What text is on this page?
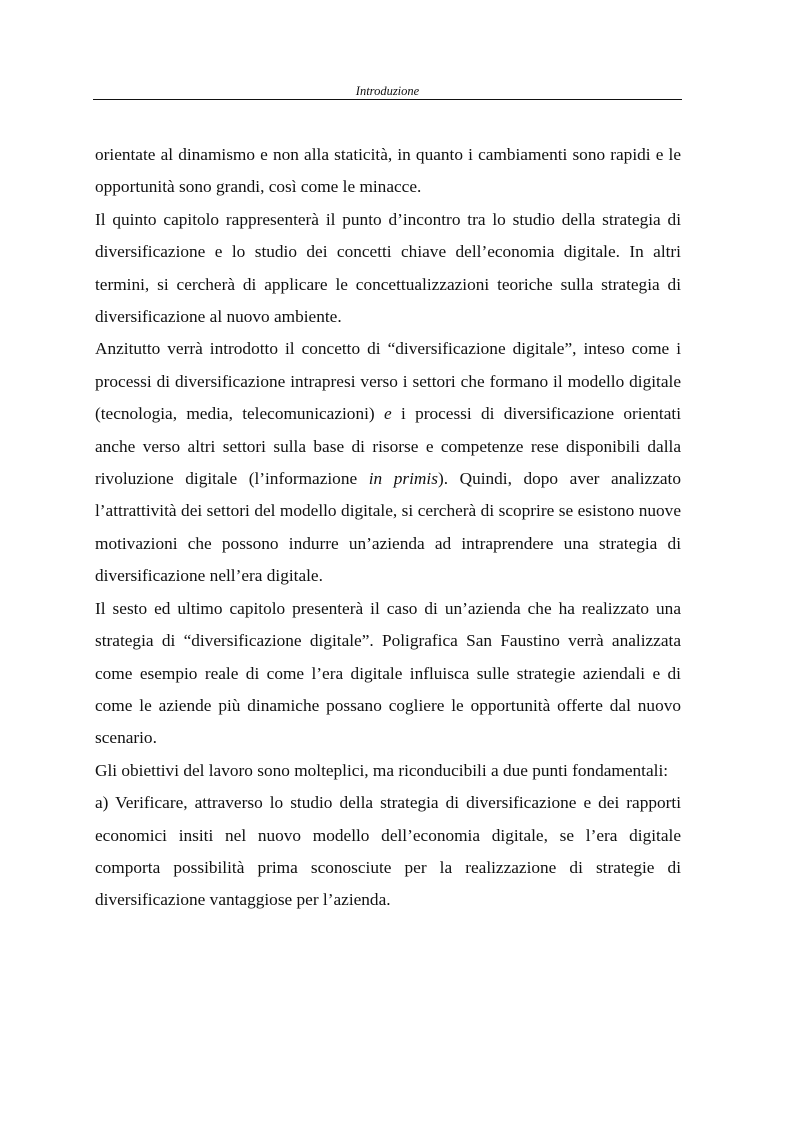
Introduzione

orientate al dinamismo e non alla staticità, in quanto i cambiamenti sono rapidi e le opportunità sono grandi, così come le minacce.

Il quinto capitolo rappresenterà il punto d’incontro tra lo studio della strategia di diversificazione e lo studio dei concetti chiave dell’economia digitale. In altri termini, si cercherà di applicare le concettualizzazioni teoriche sulla strategia di diversificazione al nuovo ambiente.

Anzitutto verrà introdotto il concetto di “diversificazione digitale”, inteso come i processi di diversificazione intrapresi verso i settori che formano il modello digitale (tecnologia, media, telecomunicazioni) e i processi di diversificazione orientati anche verso altri settori sulla base di risorse e competenze rese disponibili dalla rivoluzione digitale (l’informazione in primis). Quindi, dopo aver analizzato l’attrattività dei settori del modello digitale, si cercherà di scoprire se esistono nuove motivazioni che possono indurre un’azienda ad intraprendere una strategia di diversificazione nell’era digitale.

Il sesto ed ultimo capitolo presenterà il caso di un’azienda che ha realizzato una strategia di “diversificazione digitale”. Poligrafica San Faustino verrà analizzata come esempio reale di come l’era digitale influisca sulle strategie aziendali e di come le aziende più dinamiche possano cogliere le opportunità offerte dal nuovo scenario.

Gli obiettivi del lavoro sono molteplici, ma riconducibili a due punti fondamentali:

a) Verificare, attraverso lo studio della strategia di diversificazione e dei rapporti economici insiti nel nuovo modello dell’economia digitale, se l’era digitale comporta possibilità prima sconosciute per la realizzazione di strategie di diversificazione vantaggiose per l’azienda.
